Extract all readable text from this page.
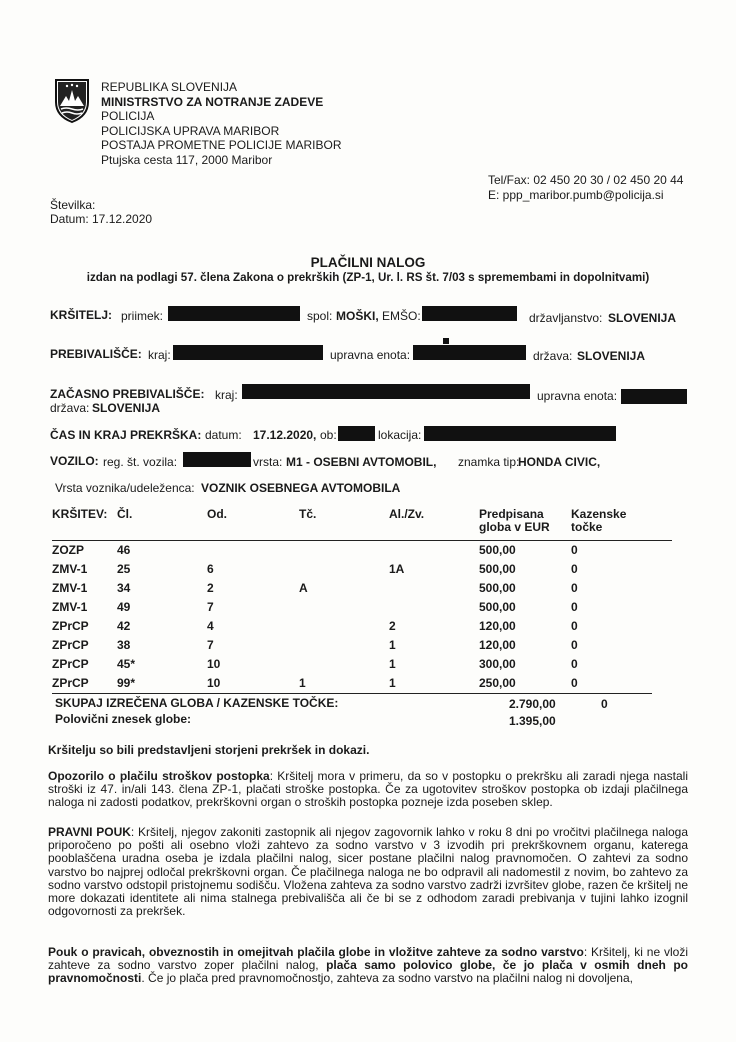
REPUBLIKA SLOVENIJA
MINISTRSTVO ZA NOTRANJE ZADEVE
POLICIJA
POLICIJSKA UPRAVA MARIBOR
POSTAJA PROMETNE POLICIJE MARIBOR
Ptujska cesta 117, 2000 Maribor
Tel/Fax: 02 450 20 30 / 02 450 20 44
E: ppp_maribor.pumb@policija.si
Številka:
Datum: 17.12.2020
PLAČILNI NALOG
izdan na podlagi 57. člena Zakona o prekrških (ZP-1, Ur. l. RS št. 7/03 s spremembami in dopolnitvami)
KRŠITELJ: priimek:	spol: MOŠKI, EMŠO:	državljanstvo: SLOVENIJA
PREBIVALIŠČE: kraj:	upravna enota:	država: SLOVENIJA
ZAČASNO PREBIVALIŠČE: kraj:	upravna enota:
država: SLOVENIJA
ČAS IN KRAJ PREKRŠKA: datum: 17.12.2020, ob:	lokacija:
VOZILO: reg. št. vozila:	vrsta: M1 - OSEBNI AVTOMOBIL, znamka tip:
HONDA CIVIC,
Vrsta voznika/udeleženca: VOZNIK OSEBNEGA AVTOMOBILA
KRŠITEV:	Čl.	Od.	Tč.	Al./Zv.	Predpisana globa v EUR	Kazenske točke
ZOZP	46				500,00	0
ZMV-1	25	6		1A	500,00	0
ZMV-1	34	2	A		500,00	0
ZMV-1	49	7			500,00	0
ZPrCP	42	4		2	120,00	0
ZPrCP	38	7		1	120,00	0
ZPrCP	45*	10		1	300,00	0
ZPrCP	99*	10	1	1	250,00	0
SKUPAJ IZREČENA GLOBA / KAZENSKE TOČKE:	2.790,00	0
Polovični znesek globe:	1.395,00
Kršitelju so bili predstavljeni storjeni prekršek in dokazi.
Opozorilo o plačilu stroškov postopka: Kršitelj mora v primeru, da so v postopku o prekršku ali zaradi njega nastali stroški iz 47. in/ali 143. člena ZP-1, plačati stroške postopka. Če za ugotovitev stroškov postopka ob izdaji plačilnega naloga ni zadosti podatkov, prekrškovni organ o stroških postopka pozneje izda poseben sklep.
PRAVNI POUK: Kršitelj, njegov zakoniti zastopnik ali njegov zagovornik lahko v roku 8 dni po vročitvi plačilnega naloga priporočeno po pošti ali osebno vloži zahtevo za sodno varstvo v 3 izvodih pri prekrškovnem organu, katerega pooblaščena uradna oseba je izdala plačilni nalog, sicer postane plačilni nalog pravnomočen. O zahtevi za sodno varstvo bo najprej odločal prekrškovni organ. Če plačilnega naloga ne bo odpravil ali nadomestil z novim, bo zahtevo za sodno varstvo odstopil pristojnemu sodišču. Vložena zahteva za sodno varstvo zadrži izvršitev globe, razen če kršitelj ne more dokazati identitete ali nima stalnega prebivališča ali če bi se z odhodom zaradi prebivanja v tujini lahko izognil odgovornosti za prekršek.
Pouk o pravicah, obveznostih in omejitvah plačila globe in vložitve zahteve za sodno varstvo: Kršitelj, ki ne vloži zahteve za sodno varstvo zoper plačilni nalog, plača samo polovico globe, če jo plača v osmih dneh po pravnomočnosti. Če jo plača pred pravnomočnostjo, zahteva za sodno varstvo na plačilni nalog ni dovoljena,
